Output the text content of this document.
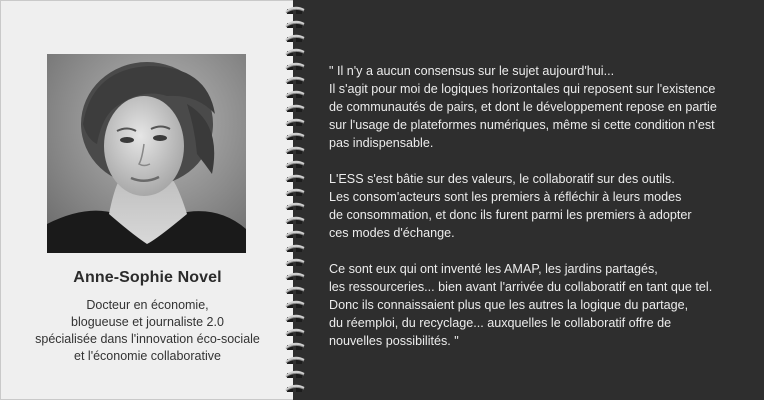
Anne-Sophie Novel
Docteur en économie,
blogueuse et journaliste 2.0
spécialisée dans l'innovation éco-sociale
et l'économie collaborative
" Il n'y a aucun consensus sur le sujet aujourd'hui...
Il s'agit pour moi de logiques horizontales qui reposent sur l'existence
de communautés de pairs, et dont le développement repose en partie
sur l'usage de plateformes numériques, même si cette condition n'est
pas indispensable.
L'ESS s'est bâtie sur des valeurs, le collaboratif sur des outils.
Les consom'acteurs sont les premiers à réfléchir à leurs modes
de consommation, et donc ils furent parmi les premiers à adopter
ces modes d'échange.
Ce sont eux qui ont inventé les AMAP, les jardins partagés,
les ressourceries... bien avant l'arrivée du collaboratif en tant que tel.
Donc ils connaissaient plus que les autres la logique du partage,
du réemploi, du recyclage... auxquelles le collaboratif offre de
nouvelles possibilités. "
